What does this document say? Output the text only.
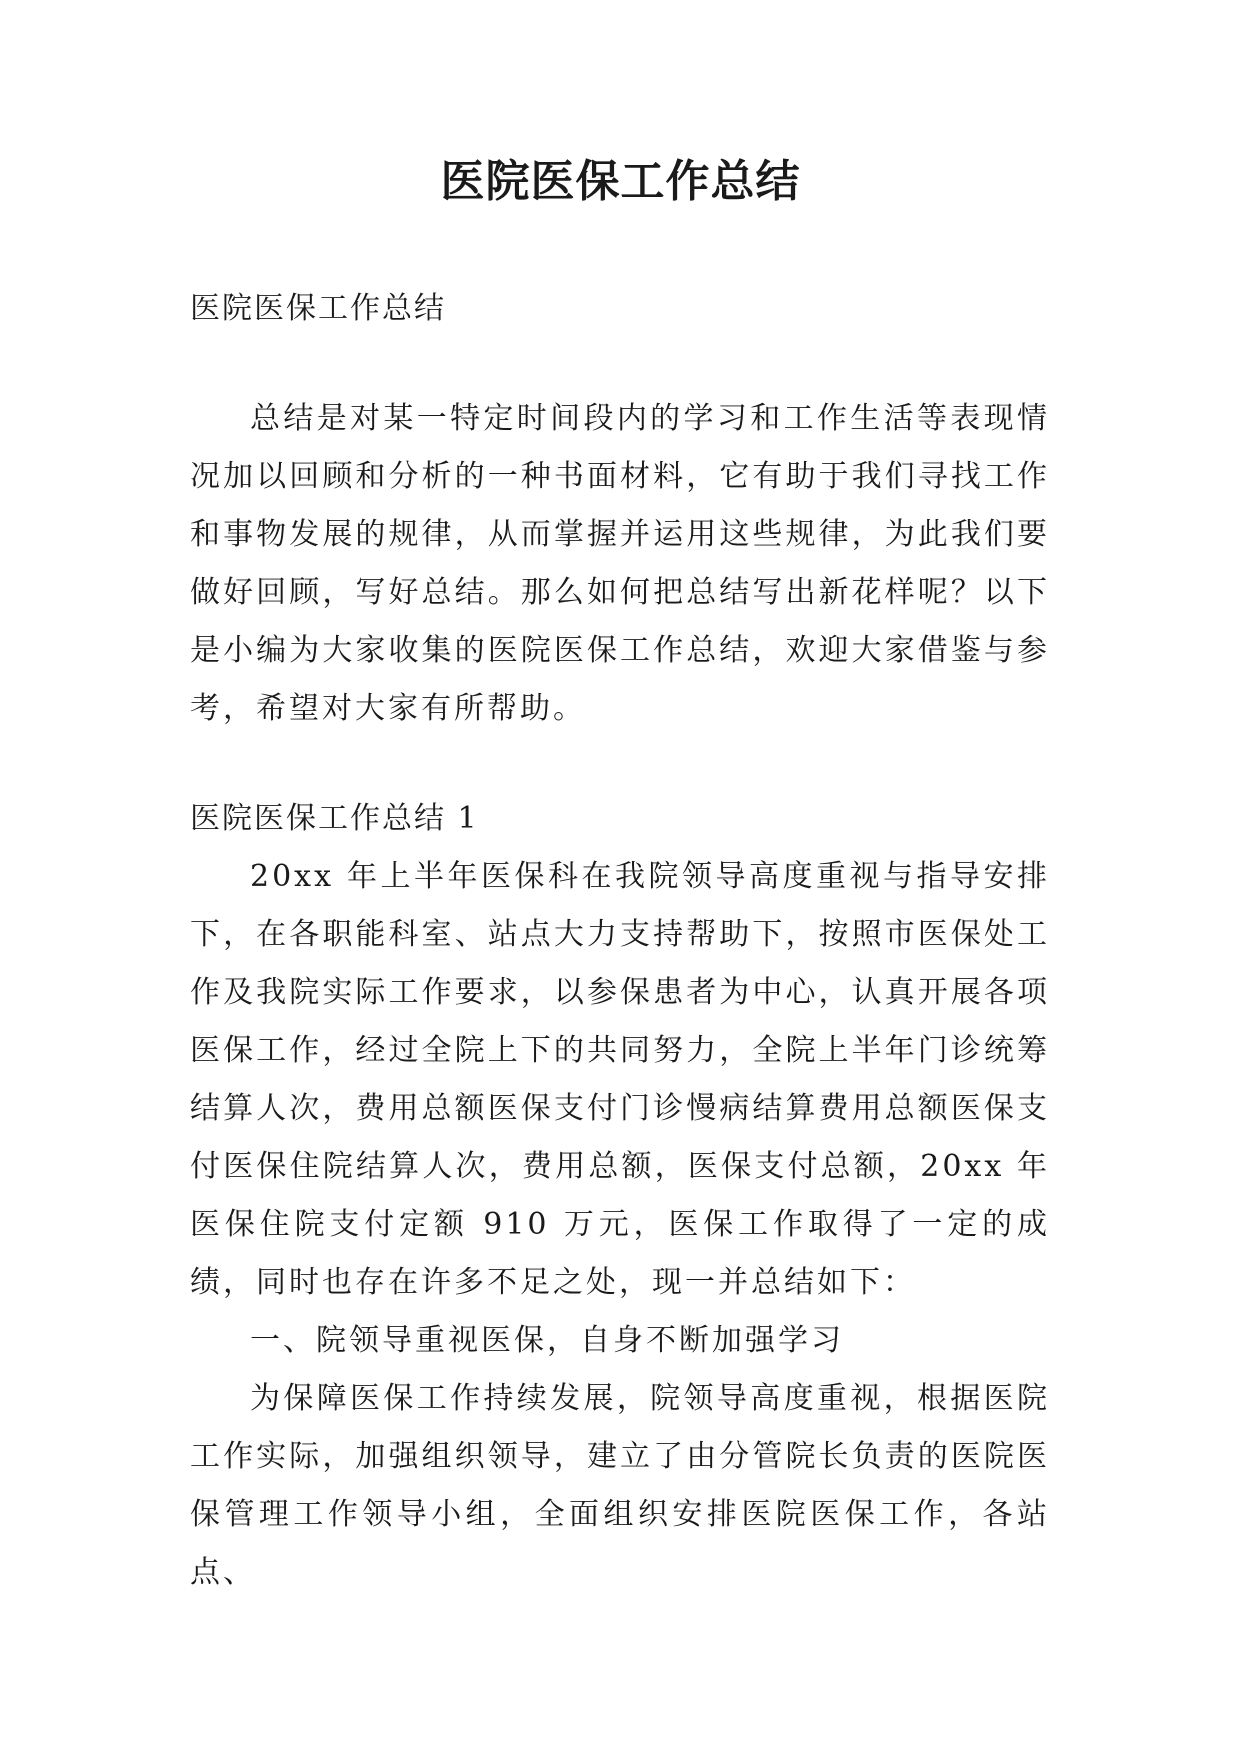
医院医保工作总结

医院医保工作总结

总结是对某一特定时间段内的学习和工作生活等表现情况加以回顾和分析的一种书面材料，它有助于我们寻找工作和事物发展的规律，从而掌握并运用这些规律，为此我们要做好回顾，写好总结。那么如何把总结写出新花样呢？以下是小编为大家收集的医院医保工作总结，欢迎大家借鉴与参考，希望对大家有所帮助。

医院医保工作总结 1

20xx 年上半年医保科在我院领导高度重视与指导安排下，在各职能科室、站点大力支持帮助下，按照市医保处工作及我院实际工作要求，以参保患者为中心，认真开展各项医保工作，经过全院上下的共同努力，全院上半年门诊统筹结算人次，费用总额医保支付门诊慢病结算费用总额医保支付医保住院结算人次，费用总额，医保支付总额，20xx 年医保住院支付定额 910 万元，医保工作取得了一定的成绩，同时也存在许多不足之处，现一并总结如下：

一、院领导重视医保，自身不断加强学习

为保障医保工作持续发展，院领导高度重视，根据医院工作实际，加强组织领导，建立了由分管院长负责的医院医保管理工作领导小组，全面组织安排医院医保工作，各站点、
